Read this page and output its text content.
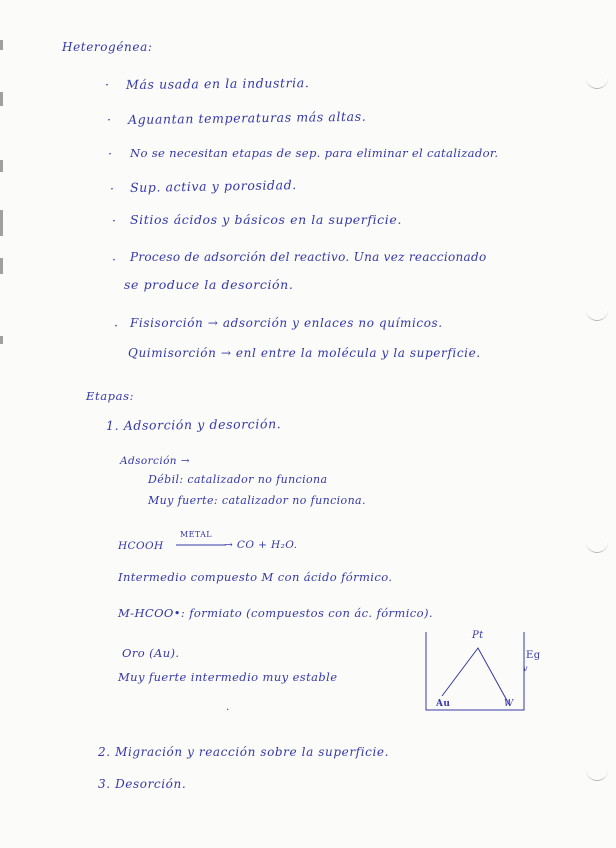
Heterogénea:
· Más usada en la industria.
· Aguantan temperaturas más altas.
· No se necesitan etapas de sep. para eliminar el catalizador.
· Sup. activa y porosidad.
· Sitios ácidos y básicos en la superficie.
· Proceso de adsorción del reactivo. Una vez reaccionado
se produce la desorción.
· Fisisorción → adsorción y enlaces no químicos.
Quimisorción → enl entre la molécula y la superficie.
Etapas:
1. Adsorción y desorción.
Adsorción →
Débil: catalizador no funciona
Muy fuerte: catalizador no funciona.
HCOOH
METAL
→ CO + H₂O.
Intermedio compuesto M con ácido fórmico.
M-HCOO•: formiato (compuestos con ác. fórmico).
Oro (Au).
Muy fuerte intermedio muy estable
Pt
Au	W
Eg
v
·
2. Migración y reacción sobre la superficie.
3. Desorción.
